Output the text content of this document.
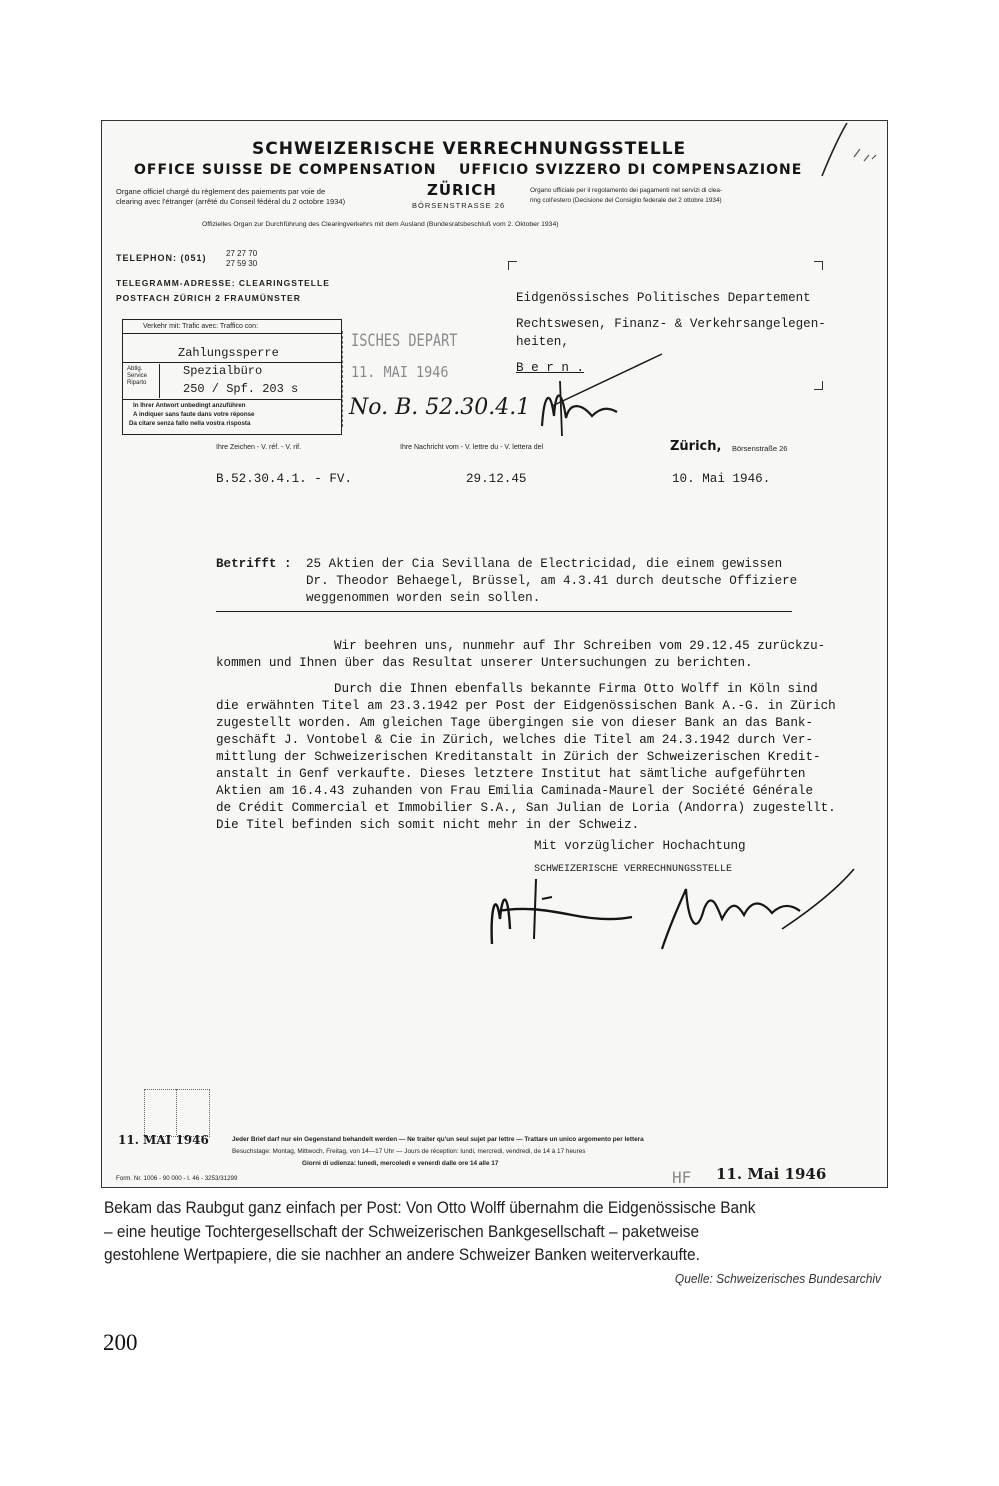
SCHWEIZERISCHE VERRECHNUNGSSTELLE
OFFICE SUISSE DE COMPENSATION UFFICIO SVIZZERO DI COMPENSAZIONE
Organe officiel chargé du règlement des paiements par voie de
clearing avec l'étranger (arrêté du Conseil fédéral du 2 octobre 1934)
ZÜRICH
BÖRSENSTRASSE 26
Organo ufficiale per il regolamento dei pagamenti nel servizi di clea-
ring coll'estero (Decisione del Consiglio federale del 2 ottobre 1934)
Offizielles Organ zur Durchführung des Clearingverkehrs mit dem Ausland (Bundesratsbeschluß vom 2. Oktober 1934)
TELEPHON: (051) 27 27 70
27 59 30
TELEGRAMM-ADRESSE: CLEARINGSTELLE
POSTFACH ZÜRICH 2 FRAUMÜNSTER
Verkehr mit: Trafic avec: Traffico con:
Zahlungssperre
Abtlg.
Service
Riparto
Spezialbüro
250 / Spf. 203 s
In Ihrer Antwort unbedingt anzuführen
A indiquer sans faute dans votre réponse
Da citare senza fallo nella vostra risposta
ISCHES DEPART
11. MAI 1946
No. B. 52.30.4.1
Eidgenössisches Politisches Departement
Rechtswesen, Finanz- & Verkehrsangelegen-
heiten,
B e r n .
Ihre Zeichen - V. réf. - V. rif.	Ihre Nachricht vom - V. lettre du - V. lettera del	Zürich, Börsenstraße 26
B.52.30.4.1. - FV.	29.12.45	10. Mai 1946.
Betrifft : 25 Aktien der Cia Sevillana de Electricidad, die einem gewissen
Dr. Theodor Behaegel, Brüssel, am 4.3.41 durch deutsche Offiziere
weggenommen worden sein sollen.
Wir beehren uns, nunmehr auf Ihr Schreiben vom 29.12.45 zurückzu-
kommen und Ihnen über das Resultat unserer Untersuchungen zu berichten.
Durch die Ihnen ebenfalls bekannte Firma Otto Wolff in Köln sind
die erwähnten Titel am 23.3.1942 per Post der Eidgenössischen Bank A.-G. in Zürich
zugestellt worden. Am gleichen Tage übergingen sie von dieser Bank an das Bank-
geschäft J. Vontobel & Cie in Zürich, welches die Titel am 24.3.1942 durch Ver-
mittlung der Schweizerischen Kreditanstalt in Zürich der Schweizerischen Kredit-
anstalt in Genf verkaufte. Dieses letztere Institut hat sämtliche aufgeführten
Aktien am 16.4.43 zuhanden von Frau Emilia Caminada-Maurel der Société Générale
de Crédit Commercial et Immobilier S.A., San Julian de Loria (Andorra) zugestellt.
Die Titel befinden sich somit nicht mehr in der Schweiz.
Mit vorzüglicher Hochachtung
SCHWEIZERISCHE VERRECHNUNGSSTELLE
11. MAI 1946	Jeder Brief darf nur ein Gegenstand behandelt werden — Ne traiter qu'un seul sujet par lettre — Trattare un unico argomento per lettera
Besuchstage: Montag, Mittwoch, Freitag, von 14—17 Uhr — Jours de réception: lundi, mercredi, vendredi, de 14 à 17 heures
Giorni di udienza: lunedì, mercoledì e venerdì dalle ore 14 alle 17
Form. Nr. 1006 - 90 000 - I. 46 - 3253/31299	HF 11. Mai 1946
Bekam das Raubgut ganz einfach per Post: Von Otto Wolff übernahm die Eidgenössische Bank
– eine heutige Tochtergesellschaft der Schweizerischen Bankgesellschaft – paketweise
gestohlene Wertpapiere, die sie nachher an andere Schweizer Banken weiterverkaufte.
Quelle: Schweizerisches Bundesarchiv
200
